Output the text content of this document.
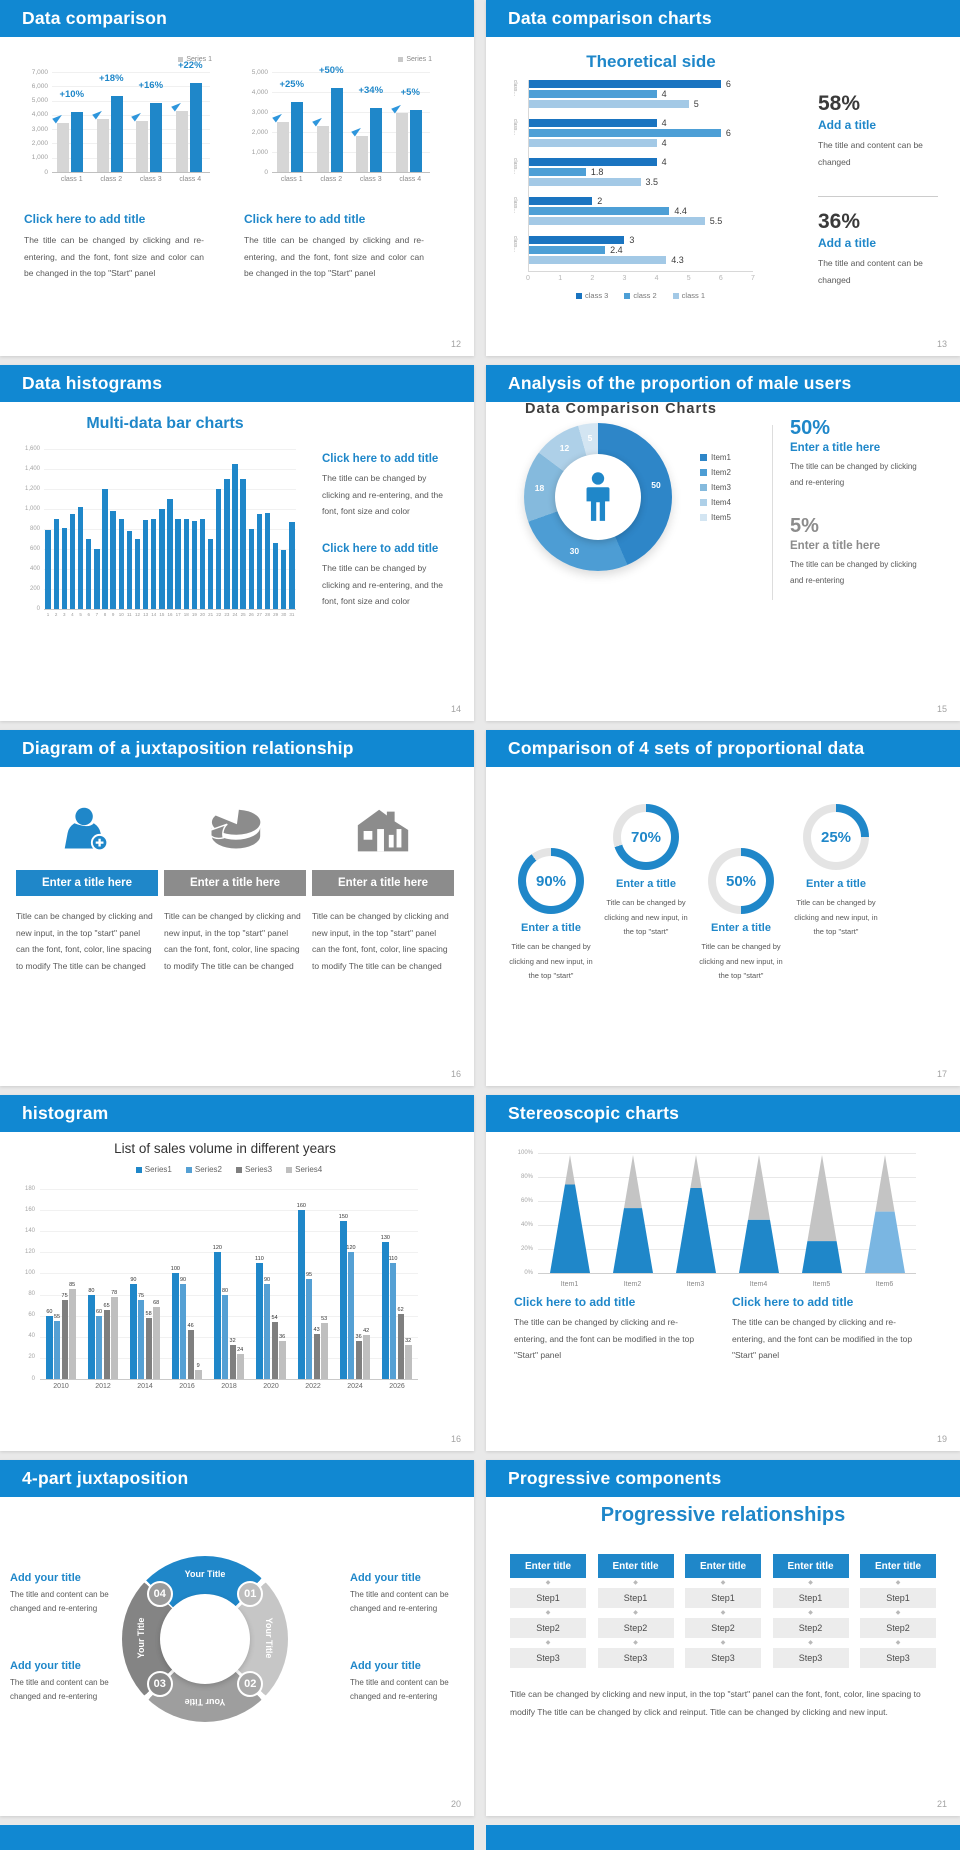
Data comparison
Series 1
+10%
+18%
+16%
+22%
7,000
6,000
5,000
4,000
3,000
2,000
1,000
0
class 1	class 2	class 3	class 4
Series 1
+25%
+50%
+34%	+5%
5,000
4,000
3,000
2,000
1,000
0
class 1	class 2	class 3	class 4
Click here to add title
The title can be changed by clicking and re-entering, and the font, font size and color can be changed in the top "Start" panel
Click here to add title
The title can be changed by clicking and re-entering, and the font, font size and color can be changed in the top "Start" panel
12
Data comparison charts
Theoretical side
class…	6
4
5
class…	4
6
4
class…	4
1.8
3.5
class…	2
4.4
5.5
class…	3
2.4
4.3
0	1	2	3	4	5	6	7
class 3	class 2	class 1
58%
Add a title
The title and content can be changed
36%
Add a title
The title and content can be changed
13
Data histograms
Multi-data bar charts
1,600
1,400
1,200
1,000
800
600
400
200
0
1	2	3	4	5	6	7	8	9 10 11 12 13 14 15 16 17 18 19 20 21 22 23 24 25 26 27 28 29 30 31
Click here to add title
The title can be changed by clicking and re-entering, and the font, font size and color
Click here to add title
The title can be changed by clicking and re-entering, and the font, font size and color
14
Analysis of the proportion of male users
Data Comparison Charts
50
30
18
12
5
Item1
Item2
Item3
Item4
Item5
50%
Enter a title here
The title can be changed by clicking and re-entering
5%
Enter a title here
The title can be changed by clicking and re-entering
15
Diagram of a juxtaposition relationship
Enter a title here	Enter a title here	Enter a title here
Title can be changed by clicking and new input, in the top "start" panel can the font, font, color, line spacing to modify The title can be changed
Title can be changed by clicking and new input, in the top "start" panel can the font, font, color, line spacing to modify The title can be changed
Title can be changed by clicking and new input, in the top "start" panel can the font, font, color, line spacing to modify The title can be changed
16
Comparison of 4 sets of proportional data
90%
70%
50%
25%
Enter a title
Enter a title
Enter a title
Enter a title
Title can be changed by clicking and new input, in the top "start"
Title can be changed by clicking and new input, in the top "start"
Title can be changed by clicking and new input, in the top "start"
Title can be changed by clicking and new input, in the top "start"
17
histogram
List of sales volume in different years
Series1	Series2	Series3	Series4
60
55
75
85
80
60
65
78
90
75
58
68
100
90
46
9
120
80
32
24
110
90
54
36
160
95
43
53
150
120
36
42
130
110
62
32
180
160
140
120
100
80
60
40
20
0
2010	2012	2014	2016	2018	2020	2022	2024	2026
16
Stereoscopic charts
100%
80%
60%
40%
20%
0%
Item1	Item2	Item3	Item4	Item5	Item6
Click here to add title
The title can be changed by clicking and re-entering, and the font can be modified in the top "Start" panel
Click here to add title
The title can be changed by clicking and re-entering, and the font can be modified in the top "Start" panel
19
4-part juxtaposition
01
02
03
04
Your Title
Your Title
Your Title
Your Title
Add your title
The title and content can be changed and re-entering
Add your title
The title and content can be changed and re-entering
Add your title
The title and content can be changed and re-entering
Add your title
The title and content can be changed and re-entering
20
Progressive components
Progressive relationships
Enter title
◆
Step1
◆
Step2
◆
Step3
Enter title
◆
Step1
◆
Step2
◆
Step3
Enter title
◆
Step1
◆
Step2
◆
Step3
Enter title
◆
Step1
◆
Step2
◆
Step3
Enter title
◆
Step1
◆
Step2
◆
Step3
Title can be changed by clicking and new input, in the top "start" panel can the font, font, color, line spacing to modify The title can be changed by click and reinput. Title can be changed by clicking and new input.
21
